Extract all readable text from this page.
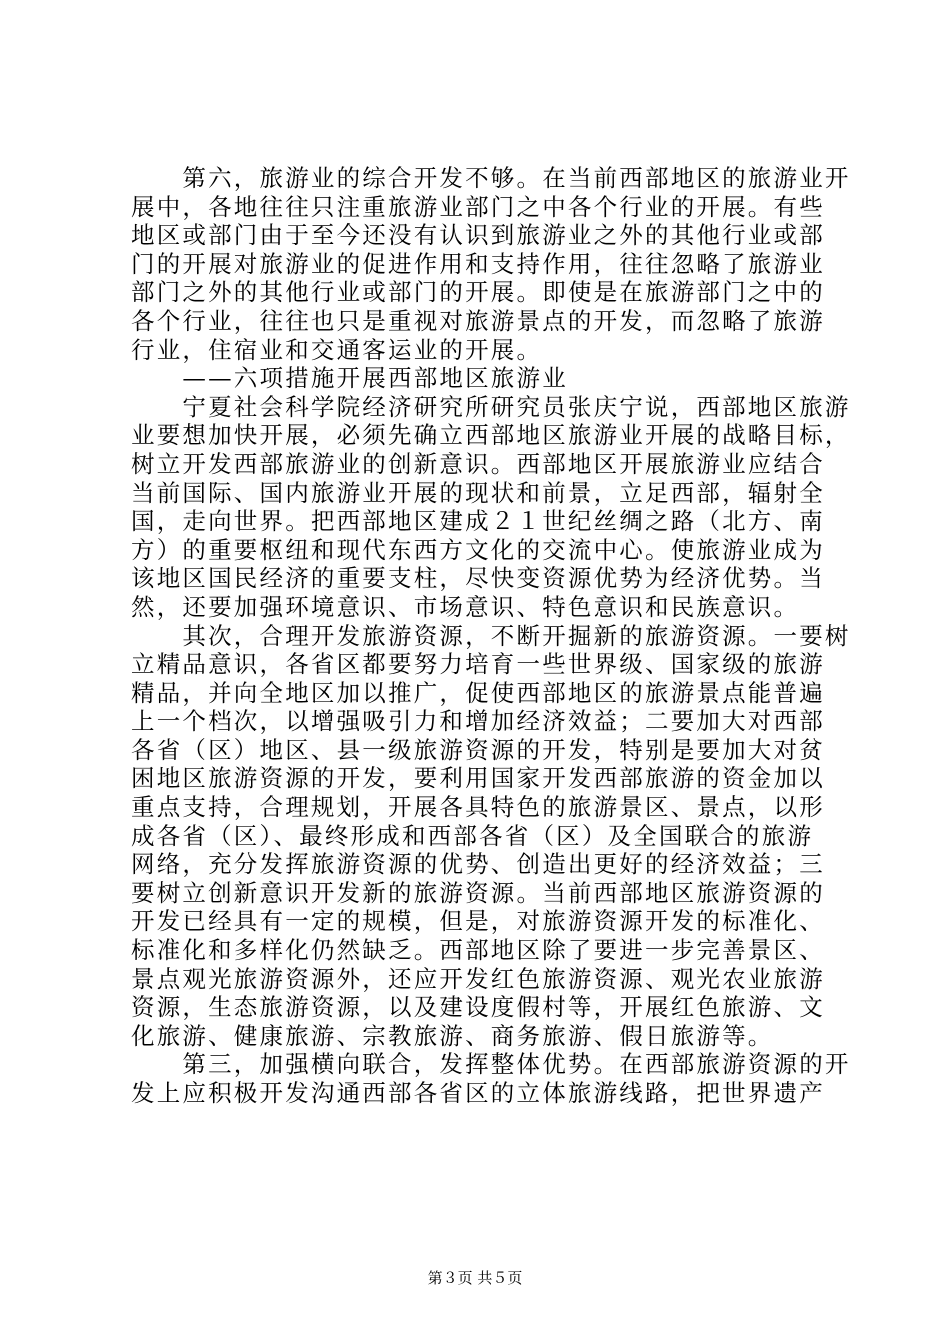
　　第六，旅游业的综合开发不够。在当前西部地区的旅游业开
展中，各地往往只注重旅游业部门之中各个行业的开展。有些
地区或部门由于至今还没有认识到旅游业之外的其他行业或部
门的开展对旅游业的促进作用和支持作用，往往忽略了旅游业
部门之外的其他行业或部门的开展。即使是在旅游部门之中的
各个行业，往往也只是重视对旅游景点的开发，而忽略了旅游
行业，住宿业和交通客运业的开展。
　　——六项措施开展西部地区旅游业
　　宁夏社会科学院经济研究所研究员张庆宁说，西部地区旅游
业要想加快开展，必须先确立西部地区旅游业开展的战略目标，
树立开发西部旅游业的创新意识。西部地区开展旅游业应结合
当前国际、国内旅游业开展的现状和前景，立足西部，辐射全
国，走向世界。把西部地区建成２１世纪丝绸之路（北方、南
方）的重要枢纽和现代东西方文化的交流中心。使旅游业成为
该地区国民经济的重要支柱，尽快变资源优势为经济优势。当
然，还要加强环境意识、市场意识、特色意识和民族意识。
　　其次，合理开发旅游资源，不断开掘新的旅游资源。一要树
立精品意识，各省区都要努力培育一些世界级、国家级的旅游
精品，并向全地区加以推广，促使西部地区的旅游景点能普遍
上一个档次，以增强吸引力和增加经济效益；二要加大对西部
各省（区）地区、县一级旅游资源的开发，特别是要加大对贫
困地区旅游资源的开发，要利用国家开发西部旅游的资金加以
重点支持，合理规划，开展各具特色的旅游景区、景点，以形
成各省（区）、最终形成和西部各省（区）及全国联合的旅游
网络，充分发挥旅游资源的优势、创造出更好的经济效益；三
要树立创新意识开发新的旅游资源。当前西部地区旅游资源的
开发已经具有一定的规模，但是，对旅游资源开发的标准化、
标准化和多样化仍然缺乏。西部地区除了要进一步完善景区、
景点观光旅游资源外，还应开发红色旅游资源、观光农业旅游
资源，生态旅游资源，以及建设度假村等，开展红色旅游、文
化旅游、健康旅游、宗教旅游、商务旅游、假日旅游等。
　　第三，加强横向联合，发挥整体优势。在西部旅游资源的开
发上应积极开发沟通西部各省区的立体旅游线路，把世界遗产
第３页 共５页
